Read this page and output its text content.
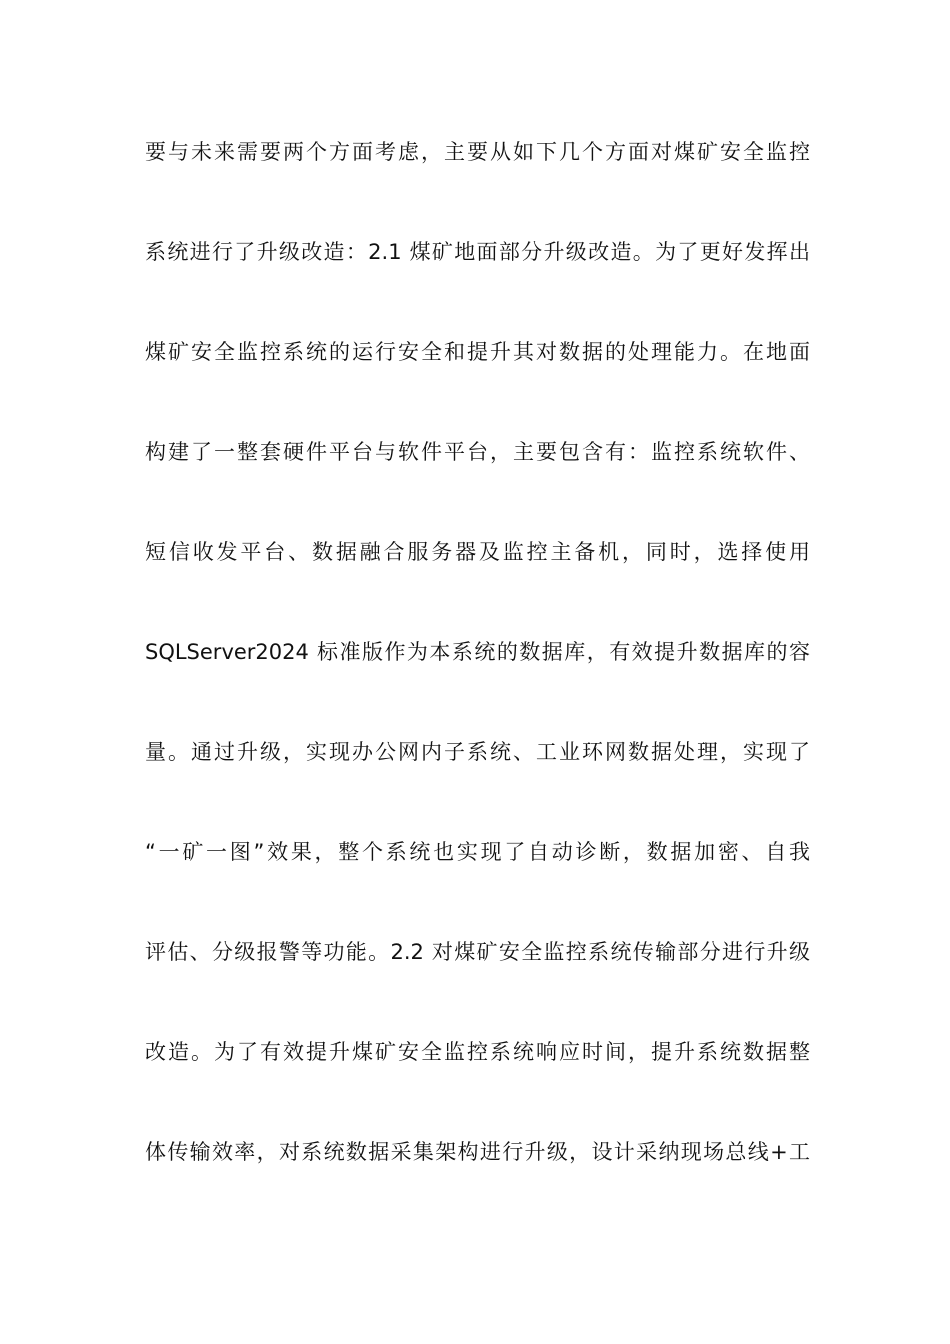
要与未来需要两个方面考虑，主要从如下几个方面对煤矿安全监控
系统进行了升级改造：2.1 煤矿地面部分升级改造。为了更好发挥出
煤矿安全监控系统的运行安全和提升其对数据的处理能力。在地面
构建了一整套硬件平台与软件平台，主要包含有：监控系统软件、
短信收发平台、数据融合服务器及监控主备机，同时，选择使用
SQLServer2024 标准版作为本系统的数据库，有效提升数据库的容
量。通过升级，实现办公网内子系统、工业环网数据处理，实现了
“一矿一图”效果，整个系统也实现了自动诊断，数据加密、自我
评估、分级报警等功能。2.2 对煤矿安全监控系统传输部分进行升级
改造。为了有效提升煤矿安全监控系统响应时间，提升系统数据整
体传输效率，对系统数据采集架构进行升级，设计采纳现场总线+工
